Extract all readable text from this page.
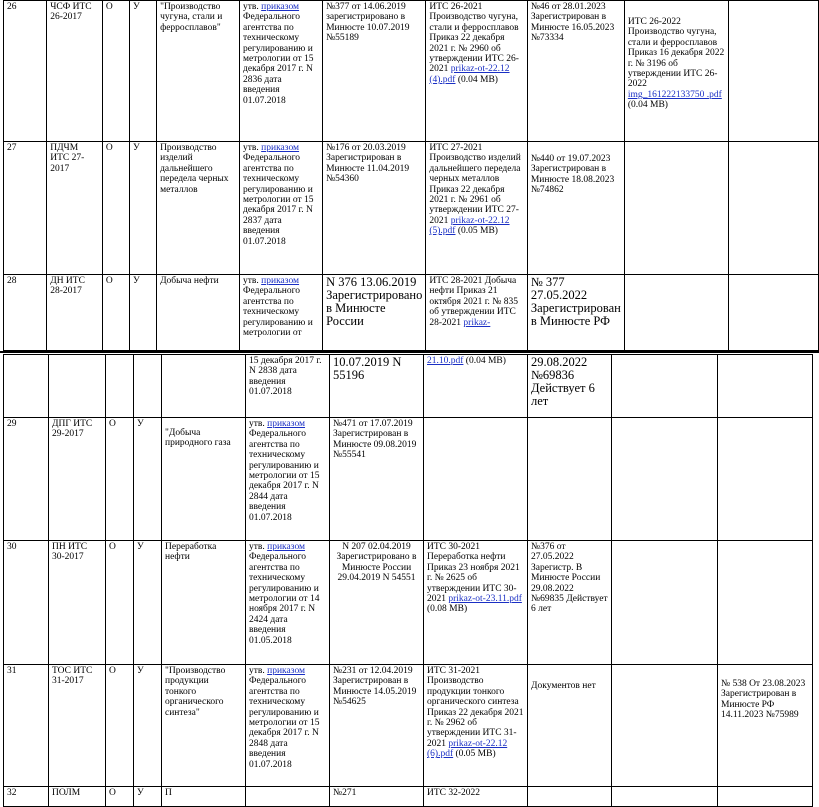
26	ЧСФ ИТС 26-2017	О	У	"Производство чугуна, стали и ферросплавов"	утв. приказом Федерального агентства по техническому регулированию и метрологии от 15 декабря 2017 г. N 2836 дата введения 01.07.2018	№377 от 14.06.2019 зарегистрировано в Минюсте 10.07.2019 №55189	ИТС 26-2021 Производство чугуна, стали и ферросплавов Приказ 22 декабря 2021 г. № 2960 об утверждении ИТС 26-2021 prikaz-ot-22.12 (4).pdf (0.04 МВ)	№46 от 28.01.2023 Зарегистрирован в Минюсте 16.05.2023 №73334	ИТС 26-2022 Производство чугуна, стали и ферросплавов Приказ 16 декабря 2022 г. № 3196 об утверждении ИТС 26-2022 img_161222133750 .pdf (0.04 МВ)	
27	ПДЧМ ИТС 27-2017	О	У	Производство изделий дальнейшего передела черных металлов	утв. приказом Федерального агентства по техническому регулированию и метрологии от 15 декабря 2017 г. N 2837 дата введения 01.07.2018	№176 от 20.03.2019 Зарегистрирован в Минюсте 11.04.2019 №54360	ИТС 27-2021 Производство изделий дальнейшего передела черных металлов Приказ 22 декабря 2021 г. № 2961 об утверждении ИТС 27-2021 prikaz-ot-22.12 (5).pdf (0.05 МВ)	№440 от 19.07.2023 Зарегистрирован в Минюсте 18.08.2023 №74862		
28	ДН ИТС 28-2017	О	У	Добыча нефти	утв. приказом Федерального агентства по техническому регулированию и метрологии от	N 376 13.06.2019 Зарегистрировано в Минюсте России	ИТС 28-2021 Добыча нефти Приказ 21 октября 2021 г. № 835 об утверждении ИТС 28-2021 prikaz-	№ 377 27.05.2022 Зарегистрирован в Минюсте РФ		

					15 декабря 2017 г. N 2838 дата введения 01.07.2018	10.07.2019 N 55196	21.10.pdf (0.04 МВ)	29.08.2022 №69836 Действует 6 лет		

29	ДПГ ИТС 29-2017	О	У	"Добыча природного газа	утв. приказом Федерального агентства по техническому регулированию и метрологии от 15 декабря 2017 г. N 2844 дата введения 01.07.2018	№471 от 17.07.2019 Зарегистрирован в Минюсте 09.08.2019 №55541				
30	ПН ИТС 30-2017	О	У	Переработка нефти	утв. приказом Федерального агентства по техническому регулированию и метрологии от 14 ноября 2017 г. N 2424 дата введения 01.05.2018	N 207 02.04.2019 Зарегистрировано в Минюсте России 29.04.2019 N 54551	ИТС 30-2021 Переработка нефти Приказ 23 ноября 2021 г. № 2625 об утверждении ИТС 30-2021 prikaz-ot-23.11.pdf (0.08 МВ)	№376 от 27.05.2022 Зарегистр. В Минюсте России 29.08.2022 №69835 Действует 6 лет		
31	ТОС ИТС 31-2017	О	У	"Производство продукции тонкого органического синтеза"	утв. приказом Федерального агентства по техническому регулированию и метрологии от 15 декабря 2017 г. N 2848 дата введения 01.07.2018	№231 от 12.04.2019 Зарегистрирован в Минюсте 14.05.2019 №54625	ИТС 31-2021 Производство продукции тонкого органического синтеза Приказ 22 декабря 2021 г. № 2962 об утверждении ИТС 31-2021 prikaz-ot-22.12 (6).pdf (0.05 МВ)	Документов нет		№ 538 От 23.08.2023 Зарегистрирован в Минюсте РФ 14.11.2023 №75989
32	ПОЛМ	О	У	П		№271	ИТС 32-2022			
